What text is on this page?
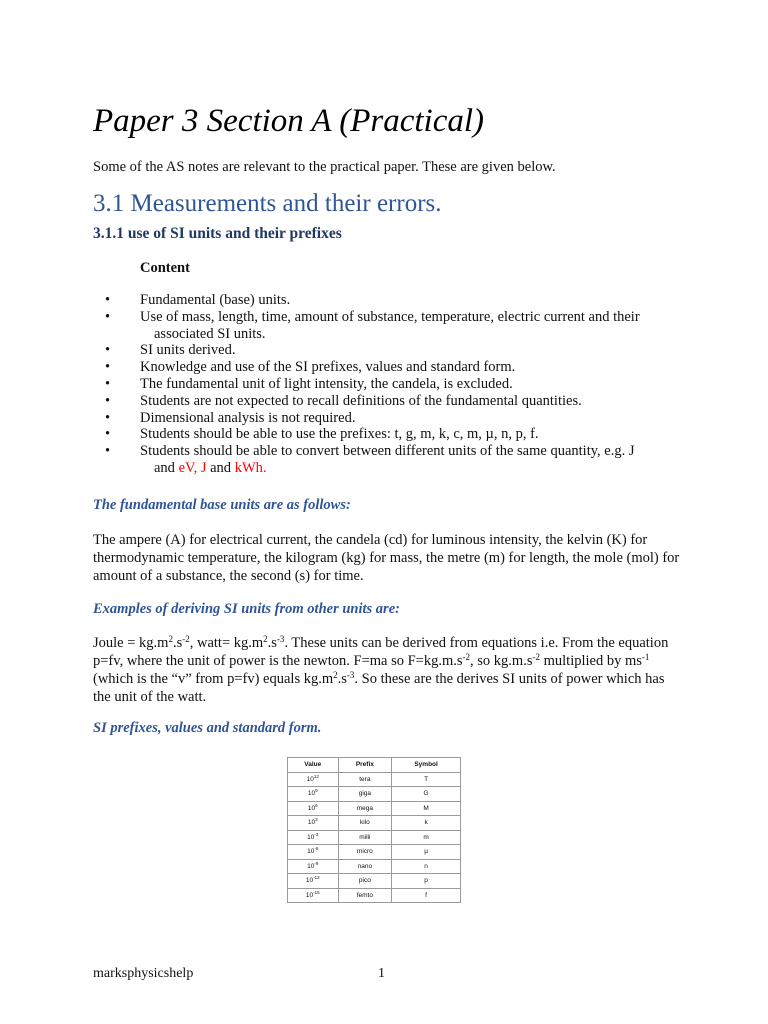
Paper 3 Section A (Practical)
Some of the AS notes are relevant to the practical paper. These are given below.
3.1 Measurements and their errors.
3.1.1 use of SI units and their prefixes
Content
• Fundamental (base) units.
• Use of mass, length, time, amount of substance, temperature, electric current and their
associated SI units.
• SI units derived.
• Knowledge and use of the SI prefixes, values and standard form.
• The fundamental unit of light intensity, the candela, is excluded.
• Students are not expected to recall definitions of the fundamental quantities.
• Dimensional analysis is not required.
• Students should be able to use the prefixes: t, g, m, k, c, m, µ, n, p, f.
• Students should be able to convert between different units of the same quantity, e.g. J
and eV, J and kWh.
The fundamental base units are as follows:
The ampere (A) for electrical current, the candela (cd) for luminous intensity, the kelvin (K) for thermodynamic temperature, the kilogram (kg) for mass, the metre (m) for length, the mole (mol) for amount of a substance, the second (s) for time.
Examples of deriving SI units from other units are:
Joule = $kg.m^2.s^{-2}$, watt= $kg.m^2.s^{-3}$. These units can be derived from equations i.e. From the equation p=fv, where the unit of power is the newton. F=ma so $F=kg.m.s^{-2}$, so $kg.m.s^{-2}$ multiplied by $ms^{-1}$ (which is the “v” from p=fv) equals $kg.m^2.s^{-3}$. So these are the derives SI units of power which has the unit of the watt.
SI prefixes, values and standard form.
Value	Prefix	Symbol
$10^{12}$	tera	T
$10^9$	giga	G
$10^6$	mega	M
$10^3$	kilo	k
$10^{-3}$	milli	m
$10^{-6}$	micro	µ
$10^{-9}$	nano	n
$10^{-12}$	pico	p
$10^{-15}$	femto	f
marksphysicshelp	1
